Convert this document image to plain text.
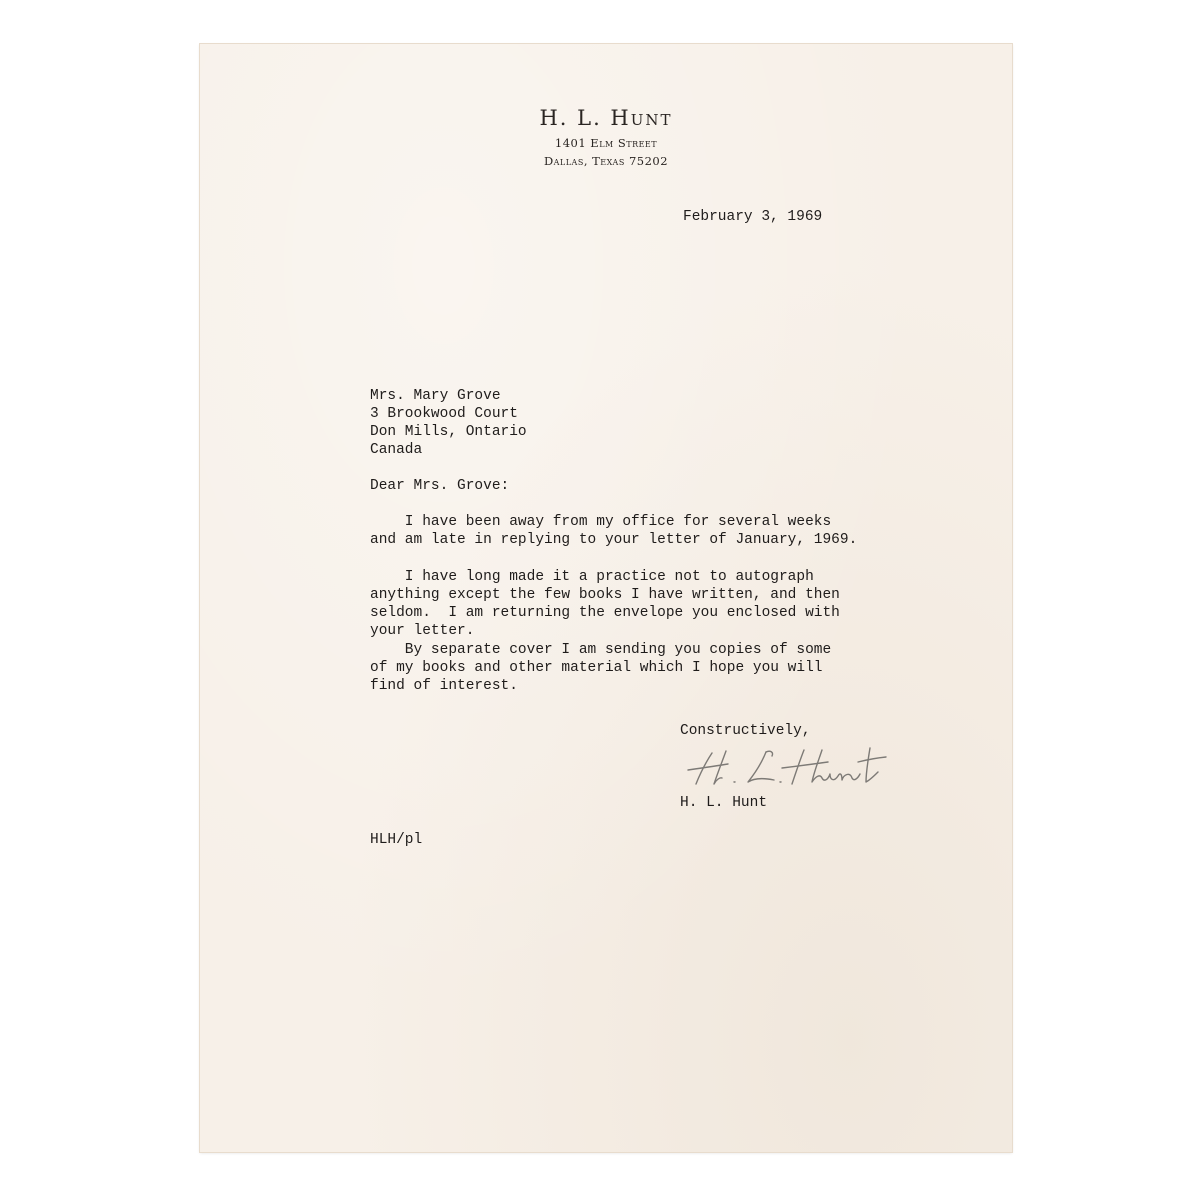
H. L. Hunt
1401 Elm Street
Dallas, Texas 75202
February 3, 1969
Mrs. Mary Grove
3 Brookwood Court
Don Mills, Ontario
Canada
Dear Mrs. Grove:
I have been away from my office for several weeks
and am late in replying to your letter of January, 1969.
I have long made it a practice not to autograph
anything except the few books I have written, and then
seldom.  I am returning the envelope you enclosed with
your letter.
By separate cover I am sending you copies of some
of my books and other material which I hope you will
find of interest.
Constructively,
H. L. Hunt
HLH/pl
